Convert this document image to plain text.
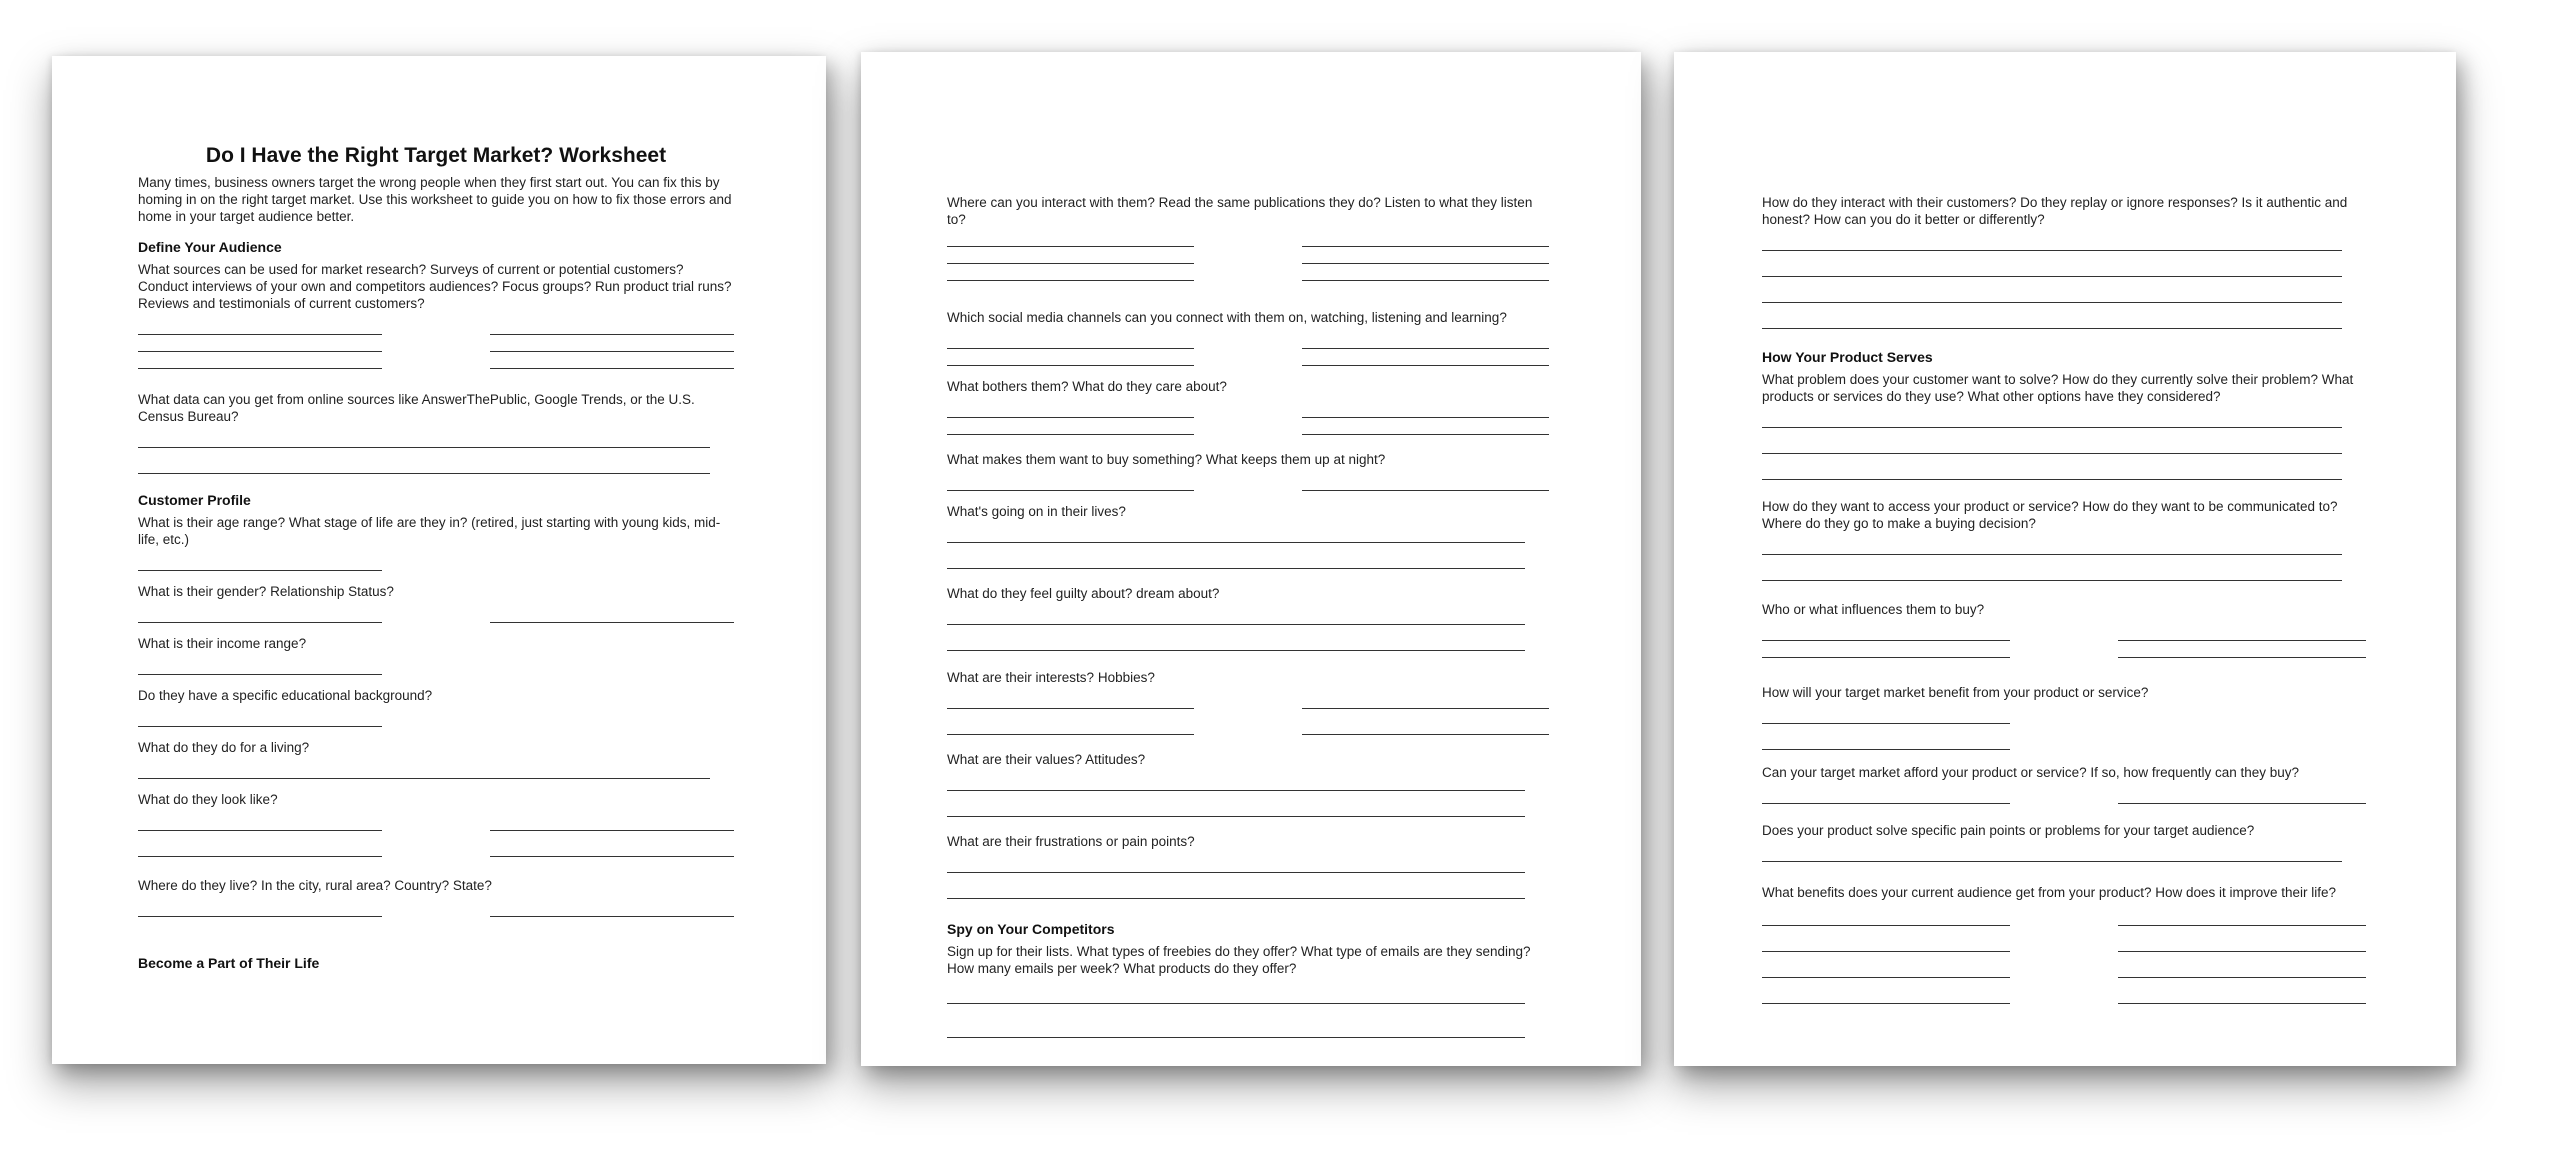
Do I Have the Right Target Market? Worksheet

Many times, business owners target the wrong people when they first start out. You can fix this by homing in on the right target market. Use this worksheet to guide you on how to fix those errors and home in your target audience better.

Define Your Audience

What sources can be used for market research? Surveys of current or potential customers? Conduct interviews of your own and competitors audiences? Focus groups? Run product trial runs? Reviews and testimonials of current customers?

What data can you get from online sources like AnswerThePublic, Google Trends, or the U.S. Census Bureau?

Customer Profile

What is their age range? What stage of life are they in? (retired, just starting with young kids, mid-life, etc.)

What is their gender? Relationship Status?

What is their income range?

Do they have a specific educational background?

What do they do for a living?

What do they look like?

Where do they live? In the city, rural area? Country? State?

Become a Part of Their Life

Where can you interact with them? Read the same publications they do? Listen to what they listen to?

Which social media channels can you connect with them on, watching, listening and learning?

What bothers them? What do they care about?

What makes them want to buy something? What keeps them up at night?

What's going on in their lives?

What do they feel guilty about? dream about?

What are their interests? Hobbies?

What are their values? Attitudes?

What are their frustrations or pain points?

Spy on Your Competitors

Sign up for their lists. What types of freebies do they offer? What type of emails are they sending? How many emails per week? What products do they offer?

How do they interact with their customers? Do they replay or ignore responses? Is it authentic and honest? How can you do it better or differently?

How Your Product Serves

What problem does your customer want to solve? How do they currently solve their problem? What products or services do they use? What other options have they considered?

How do they want to access your product or service? How do they want to be communicated to? Where do they go to make a buying decision?

Who or what influences them to buy?

How will your target market benefit from your product or service?

Can your target market afford your product or service? If so, how frequently can they buy?

Does your product solve specific pain points or problems for your target audience?

What benefits does your current audience get from your product? How does it improve their life?
